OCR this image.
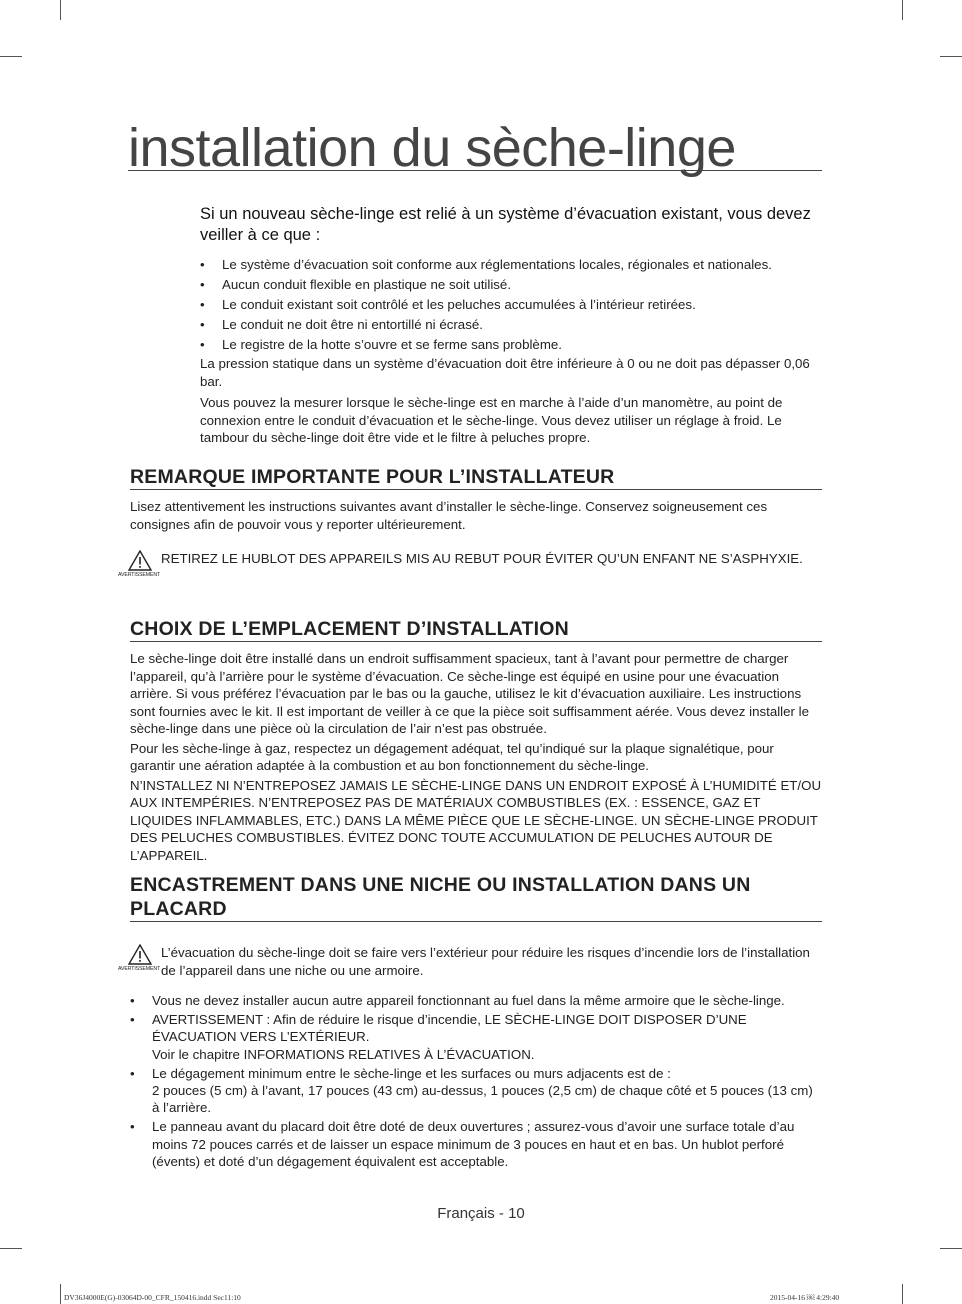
installation du sèche-linge
Si un nouveau sèche-linge est relié à un système d’évacuation existant, vous devez veiller à ce que :
• Le système d’évacuation soit conforme aux réglementations locales, régionales et nationales.
• Aucun conduit flexible en plastique ne soit utilisé.
• Le conduit existant soit contrôlé et les peluches accumulées à l’intérieur retirées.
• Le conduit ne doit être ni entortillé ni écrasé.
• Le registre de la hotte s’ouvre et se ferme sans problème.

La pression statique dans un système d’évacuation doit être inférieure à 0 ou ne doit pas dépasser 0,06 bar.

Vous pouvez la mesurer lorsque le sèche-linge est en marche à l’aide d’un manomètre, au point de connexion entre le conduit d’évacuation et le sèche-linge. Vous devez utiliser un réglage à froid. Le tambour du sèche-linge doit être vide et le filtre à peluches propre.

REMARQUE IMPORTANTE POUR L’INSTALLATEUR

Lisez attentivement les instructions suivantes avant d’installer le sèche-linge. Conservez soigneusement ces consignes afin de pouvoir vous y reporter ultérieurement.

AVERTISSEMENT
RETIREZ LE HUBLOT DES APPAREILS MIS AU REBUT POUR ÉVITER QU’UN ENFANT NE S’ASPHYXIE.
CHOIX DE L’EMPLACEMENT D’INSTALLATION

Le sèche-linge doit être installé dans un endroit suffisamment spacieux, tant à l’avant pour permettre de charger l’appareil, qu’à l’arrière pour le système d’évacuation. Ce sèche-linge est équipé en usine pour une évacuation arrière. Si vous préférez l’évacuation par le bas ou la gauche, utilisez le kit d’évacuation auxiliaire. Les instructions sont fournies avec le kit. Il est important de veiller à ce que la pièce soit suffisamment aérée. Vous devez installer le sèche-linge dans une pièce où la circulation de l’air n’est pas obstruée.

Pour les sèche-linge à gaz, respectez un dégagement adéquat, tel qu’indiqué sur la plaque signalétique, pour garantir une aération adaptée à la combustion et au bon fonctionnement du sèche-linge.

N’INSTALLEZ NI N’ENTREPOSEZ JAMAIS LE SÈCHE-LINGE DANS UN ENDROIT EXPOSÉ À L’HUMIDITÉ ET/OU AUX INTEMPÉRIES. N’ENTREPOSEZ PAS DE MATÉRIAUX COMBUSTIBLES (EX. : ESSENCE, GAZ ET LIQUIDES INFLAMMABLES, ETC.) DANS LA MÊME PIÈCE QUE LE SÈCHE-LINGE. UN SÈCHE-LINGE PRODUIT DES PELUCHES COMBUSTIBLES. ÉVITEZ DONC TOUTE ACCUMULATION DE PELUCHES AUTOUR DE L’APPAREIL.

ENCASTREMENT DANS UNE NICHE OU INSTALLATION DANS UN PLACARD
AVERTISSEMENT
L’évacuation du sèche-linge doit se faire vers l’extérieur pour réduire les risques d’incendie lors de l’installation de l’appareil dans une niche ou une armoire.
• Vous ne devez installer aucun autre appareil fonctionnant au fuel dans la même armoire que le sèche-linge.
• AVERTISSEMENT : Afin de réduire le risque d’incendie, LE SÈCHE-LINGE DOIT DISPOSER D’UNE ÉVACUATION VERS L’EXTÉRIEUR.
Voir le chapitre INFORMATIONS RELATIVES À L’ÉVACUATION.
• Le dégagement minimum entre le sèche-linge et les surfaces ou murs adjacents est de :
2 pouces (5 cm) à l’avant, 17 pouces (43 cm) au-dessus, 1 pouces (2,5 cm) de chaque côté et 5 pouces (13 cm) à l’arrière.
• Le panneau avant du placard doit être doté de deux ouvertures ; assurez-vous d’avoir une surface totale d’au moins 72 pouces carrés et de laisser un espace minimum de 3 pouces en haut et en bas. Un hublot perforé (évents) et doté d’un dégagement équivalent est acceptable.
Français - 10
DV36J4000E(G)-03064D-00_CFR_150416.indd Sec11:10	2015-04-16 ￼ 4:29:40
